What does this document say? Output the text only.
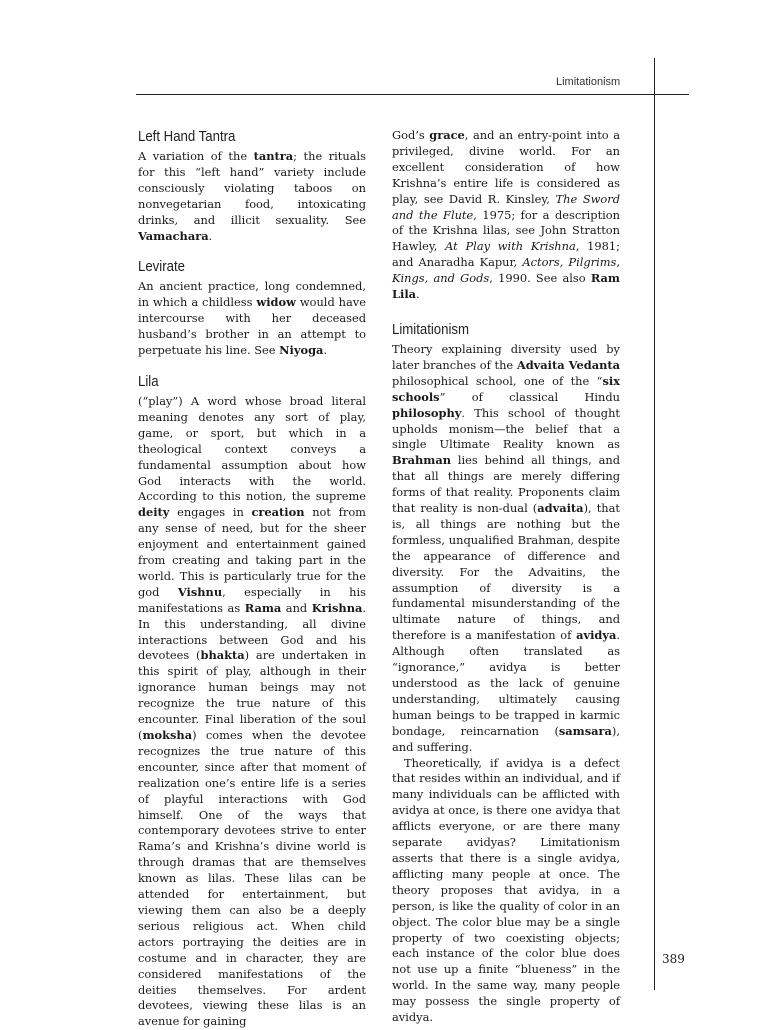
Limitationism
Left Hand Tantra

A variation of the tantra; the rituals for this “left hand” variety include consciously violating taboos on nonvegetarian food, intoxicating drinks, and illicit sexuality. See Vamachara.

Levirate

An ancient practice, long condemned, in which a childless widow would have intercourse with her deceased husband’s brother in an attempt to perpetuate his line. See Niyoga.

Lila

(“play”) A word whose broad literal meaning denotes any sort of play, game, or sport, but which in a theological context conveys a fundamental assumption about how God interacts with the world. According to this notion, the supreme deity engages in creation not from any sense of need, but for the sheer enjoyment and entertainment gained from creating and taking part in the world. This is particularly true for the god Vishnu, especially in his manifestations as Rama and Krishna. In this understanding, all divine interactions between God and his devotees (bhakta) are undertaken in this spirit of play, although in their ignorance human beings may not recognize the true nature of this encounter. Final liberation of the soul (moksha) comes when the devotee recognizes the true nature of this encounter, since after that moment of realization one’s entire life is a series of playful interactions with God himself. One of the ways that contemporary devotees strive to enter Rama’s and Krishna’s divine world is through dramas that are themselves known as lilas. These lilas can be attended for entertainment, but viewing them can also be a deeply serious religious act. When child actors portraying the deities are in costume and in character, they are considered manifestations of the deities themselves. For ardent devotees, viewing these lilas is an avenue for gaining

God’s grace, and an entry-point into a privileged, divine world. For an excellent consideration of how Krishna’s entire life is considered as play, see David R. Kinsley, The Sword and the Flute, 1975; for a description of the Krishna lilas, see John Stratton Hawley, At Play with Krishna, 1981; and Anaradha Kapur, Actors, Pilgrims, Kings, and Gods, 1990. See also Ram Lila.

Limitationism

Theory explaining diversity used by later branches of the Advaita Vedanta philosophical school, one of the “six schools” of classical Hindu philosophy. This school of thought upholds monism—the belief that a single Ultimate Reality known as Brahman lies behind all things, and that all things are merely differing forms of that reality. Proponents claim that reality is non-dual (advaita), that is, all things are nothing but the formless, unqualified Brahman, despite the appearance of difference and diversity. For the Advaitins, the assumption of diversity is a fundamental misunderstanding of the ultimate nature of things, and therefore is a manifestation of avidya. Although often translated as “ignorance,” avidya is better understood as the lack of genuine understanding, ultimately causing human beings to be trapped in karmic bondage, reincarnation (samsara), and suffering.

Theoretically, if avidya is a defect that resides within an individual, and if many individuals can be afflicted with avidya at once, is there one avidya that afflicts everyone, or are there many separate avidyas? Limitationism asserts that there is a single avidya, afflicting many people at once. The theory proposes that avidya, in a person, is like the quality of color in an object. The color blue may be a single property of two coexisting objects; each instance of the color blue does not use up a finite “blueness” in the world. In the same way, many people may possess the single property of avidya.

389
